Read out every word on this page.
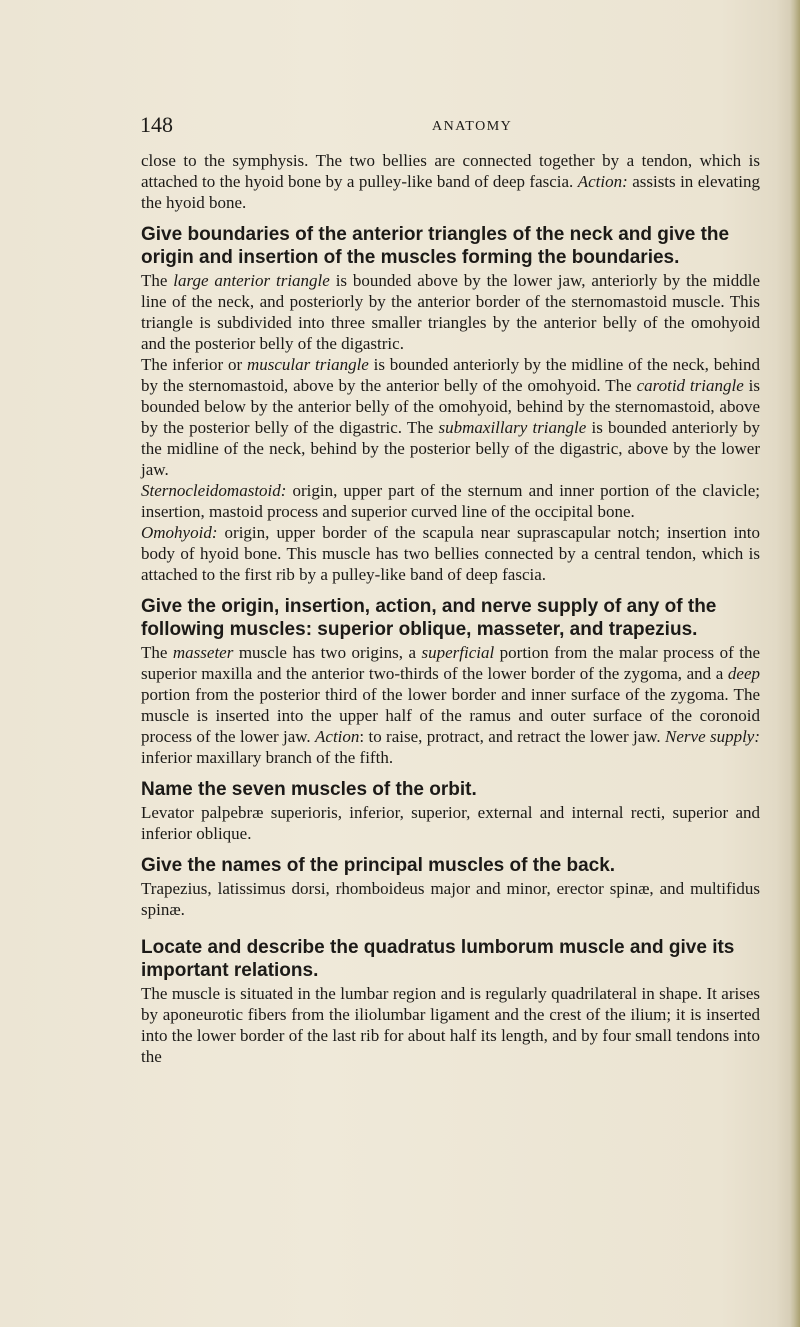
148	ANATOMY

close to the symphysis. The two bellies are connected together by a tendon, which is attached to the hyoid bone by a pulley-like band of deep fascia. Action: assists in elevating the hyoid bone.

Give boundaries of the anterior triangles of the neck and give the origin and insertion of the muscles forming the boundaries.

The large anterior triangle is bounded above by the lower jaw, anteriorly by the middle line of the neck, and posteriorly by the anterior border of the sternomastoid muscle. This triangle is subdivided into three smaller triangles by the anterior belly of the omohyoid and the posterior belly of the digastric.

The inferior or muscular triangle is bounded anteriorly by the midline of the neck, behind by the sternomastoid, above by the anterior belly of the omohyoid. The carotid triangle is bounded below by the anterior belly of the omohyoid, behind by the sternomastoid, above by the posterior belly of the digastric. The submaxillary triangle is bounded anteriorly by the midline of the neck, behind by the posterior belly of the digastric, above by the lower jaw.

Sternocleidomastoid: origin, upper part of the sternum and inner portion of the clavicle; insertion, mastoid process and superior curved line of the occipital bone.

Omohyoid: origin, upper border of the scapula near suprascapular notch; insertion into body of hyoid bone. This muscle has two bellies connected by a central tendon, which is attached to the first rib by a pulley-like band of deep fascia.

Give the origin, insertion, action, and nerve supply of any of the following muscles: superior oblique, masseter, and trapezius.

The masseter muscle has two origins, a superficial portion from the malar process of the superior maxilla and the anterior two-thirds of the lower border of the zygoma, and a deep portion from the posterior third of the lower border and inner surface of the zygoma. The muscle is inserted into the upper half of the ramus and outer surface of the coronoid process of the lower jaw. Action: to raise, protract, and retract the lower jaw. Nerve supply: inferior maxillary branch of the fifth.

Name the seven muscles of the orbit.

Levator palpebræ superioris, inferior, superior, external and internal recti, superior and inferior oblique.

Give the names of the principal muscles of the back.

Trapezius, latissimus dorsi, rhomboideus major and minor, erector spinæ, and multifidus spinæ.

Locate and describe the quadratus lumborum muscle and give its important relations.

The muscle is situated in the lumbar region and is regularly quadrilateral in shape. It arises by aponeurotic fibers from the iliolumbar ligament and the crest of the ilium; it is inserted into the lower border of the last rib for about half its length, and by four small tendons into the
